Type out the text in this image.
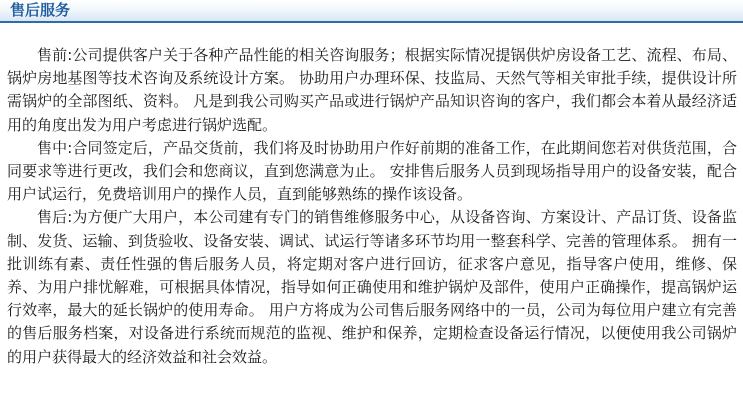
售后服务

售前:公司提供客户关于各种产品性能的相关咨询服务；根据实际情况提锅供炉房设备工艺、流程、布局、锅炉房地基图等技术咨询及系统设计方案。 协助用户办理环保、技监局、天然气等相关审批手续，提供设计所需锅炉的全部图纸、资料。 凡是到我公司购买产品或进行锅炉产品知识咨询的客户，我们都会本着从最经济适用的角度出发为用户考虑进行锅炉选配。

售中:合同签定后，产品交货前，我们将及时协助用户作好前期的准备工作，在此期间您若对供货范围，合同要求等进行更改，我们会和您商议，直到您满意为止。 安排售后服务人员到现场指导用户的设备安装，配合用户试运行，免费培训用户的操作人员，直到能够熟练的操作该设备。

售后:为方便广大用户，本公司建有专门的销售维修服务中心，从设备咨询、方案设计、产品订货、设备监制、发货、运输、到货验收、设备安装、调试、试运行等诸多环节均用一整套科学、完善的管理体系。 拥有一批训练有素、责任性强的售后服务人员，将定期对客户进行回访，征求客户意见，指导客户使用，维修、保养、为用户排忧解难，可根据具体情况，指导如何正确使用和维护锅炉及部件，使用户正确操作，提高锅炉运行效率，最大的延长锅炉的使用寿命。 用户方将成为公司售后服务网络中的一员，公司为每位用户建立有完善的售后服务档案，对设备进行系统而规范的监视、维护和保养，定期检查设备运行情况，以便使用我公司锅炉的用户获得最大的经济效益和社会效益。
